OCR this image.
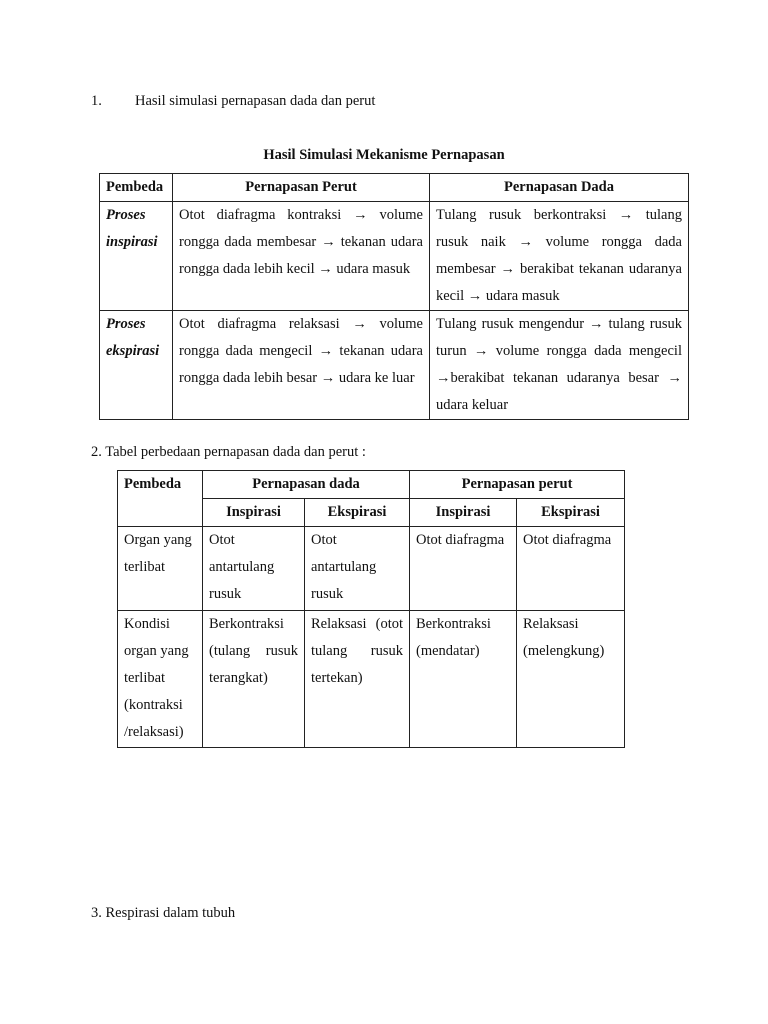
1. Hasil simulasi pernapasan dada dan perut
Hasil Simulasi Mekanisme Pernapasan
Pembeda	Pernapasan Perut	Pernapasan Dada
Proses inspirasi	Otot diafragma kontraksi → volume rongga dada membesar → tekanan udara rongga dada lebih kecil → udara masuk	Tulang rusuk berkontraksi → tulang rusuk naik → volume rongga dada membesar → berakibat tekanan udaranya kecil → udara masuk
Proses ekspirasi	Otot diafragma relaksasi → volume rongga dada mengecil → tekanan udara rongga dada lebih besar → udara ke luar	Tulang rusuk mengendur → tulang rusuk turun → volume rongga dada mengecil →berakibat tekanan udaranya besar → udara keluar
2. Tabel perbedaan pernapasan dada dan perut :
Pembeda	Pernapasan dada		Pernapasan perut	
	Inspirasi	Ekspirasi	Inspirasi	Ekspirasi
Organ yang terlibat	Otot antartulang rusuk	Otot antartulang rusuk	Otot diafragma	Otot diafragma
Kondisi organ yang terlibat (kontraksi /relaksasi)	Berkontraksi (tulang rusuk terangkat)	Relaksasi (otot tulang rusuk tertekan)	Berkontraksi (mendatar)	Relaksasi (melengkung)
3. Respirasi dalam tubuh
